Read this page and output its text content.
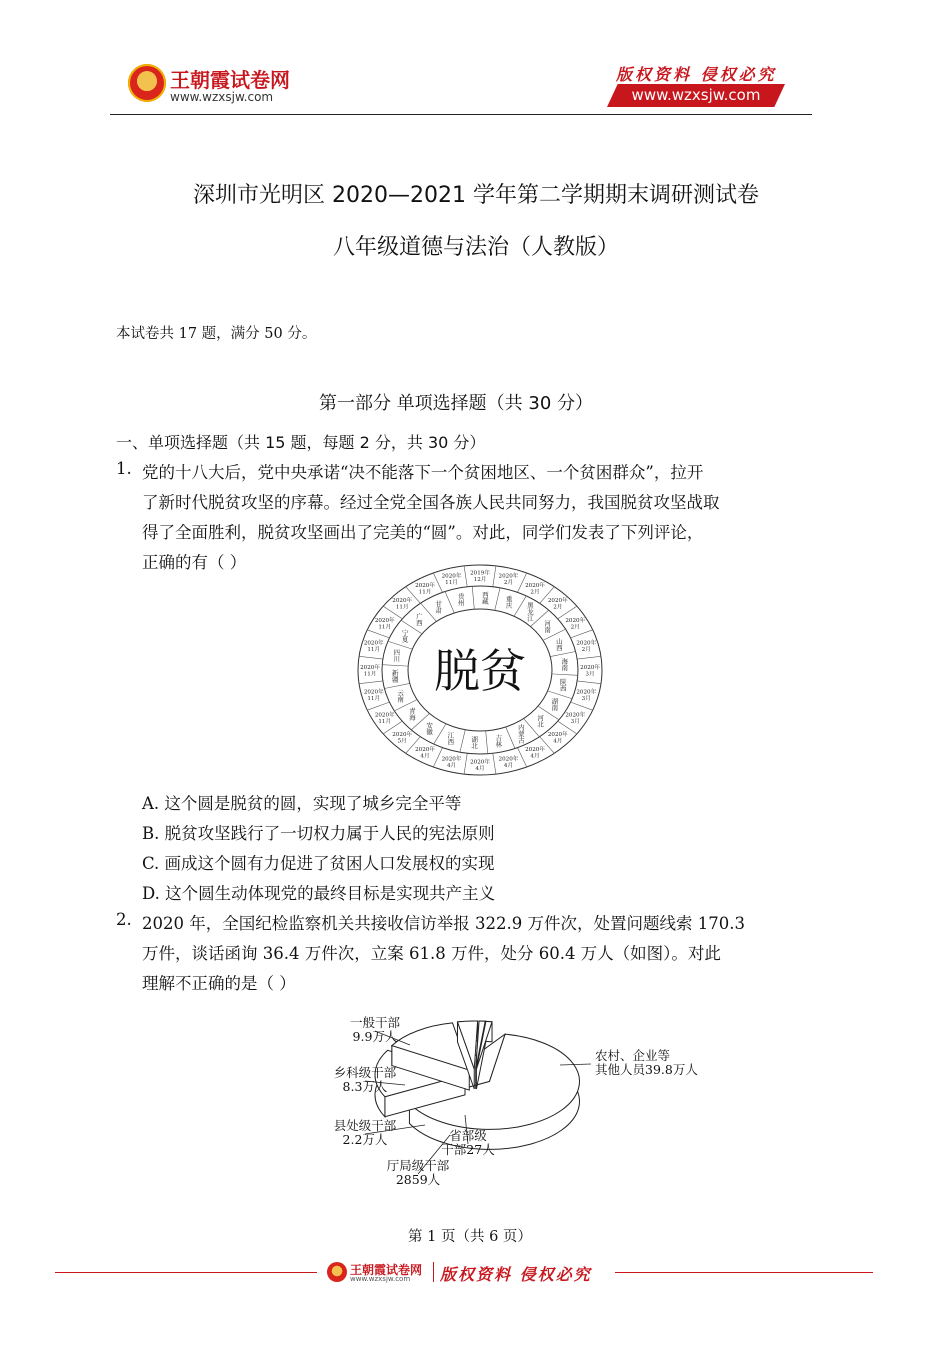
王朝霞试卷网
www.wzxsjw.com
版权资料 侵权必究
www.wzxsjw.com
深圳市光明区 2020—2021 学年第二学期期末调研测试卷
八年级道德与法治（人教版）
本试卷共 17 题，满分 50 分。
第一部分 单项选择题（共 30 分）
一、单项选择题（共 15 题，每题 2 分，共 30 分）
1. 党的十八大后，党中央承诺“决不能落下一个贫困地区、一个贫困群众”，拉开
了新时代脱贫攻坚的序幕。经过全党全国各族人民共同努力，我国脱贫攻坚战取
得了全面胜利，脱贫攻坚画出了完美的“圆”。对此，同学们发表了下列评论，
正确的有（ ）
2019年 12月
2020年 2月	2020年 2月
2020年 2月
2020年 2月
2020年 2月
2020年 3月
2020年 3月
2020年 3月
2020年 4月
2020年 4月
2020年 4月
2020年 4月
2020年 4月
2020年 4月
2020年 5月
2020年 11月
2020年 11月
2020年 11月
2020年 11月
2020年 11月
2020年 11月
2020年 11月
2020年 11月
重庆 黑龙江
河南
山西
海南
陕西
湖南
河北
内蒙古
吉林
湖北
江西
安徽
青海
云南
新疆
四川
宁夏
广西
甘肃
贵州
西藏
脱贫
A. 这个圆是脱贫的圆，实现了城乡完全平等
B. 脱贫攻坚践行了一切权力属于人民的宪法原则
C. 画成这个圆有力促进了贫困人口发展权的实现
D. 这个圆生动体现党的最终目标是实现共产主义
2. 2020 年，全国纪检监察机关共接收信访举报 322.9 万件次，处置问题线索 170.3
万件，谈话函询 36.4 万件次，立案 61.8 万件，处分 60.4 万人（如图）。对此
理解不正确的是（ ）
一般干部 9.9万人
农村、企业等其他人员39.8万人
乡科级干部 8.3万人
县处级干部 2.2万人	省部级干部27人
厅局级干部 2859人
第 1 页（共 6 页）
王朝霞试卷网
www.wzxsjw.com 版权资料 侵权必究
